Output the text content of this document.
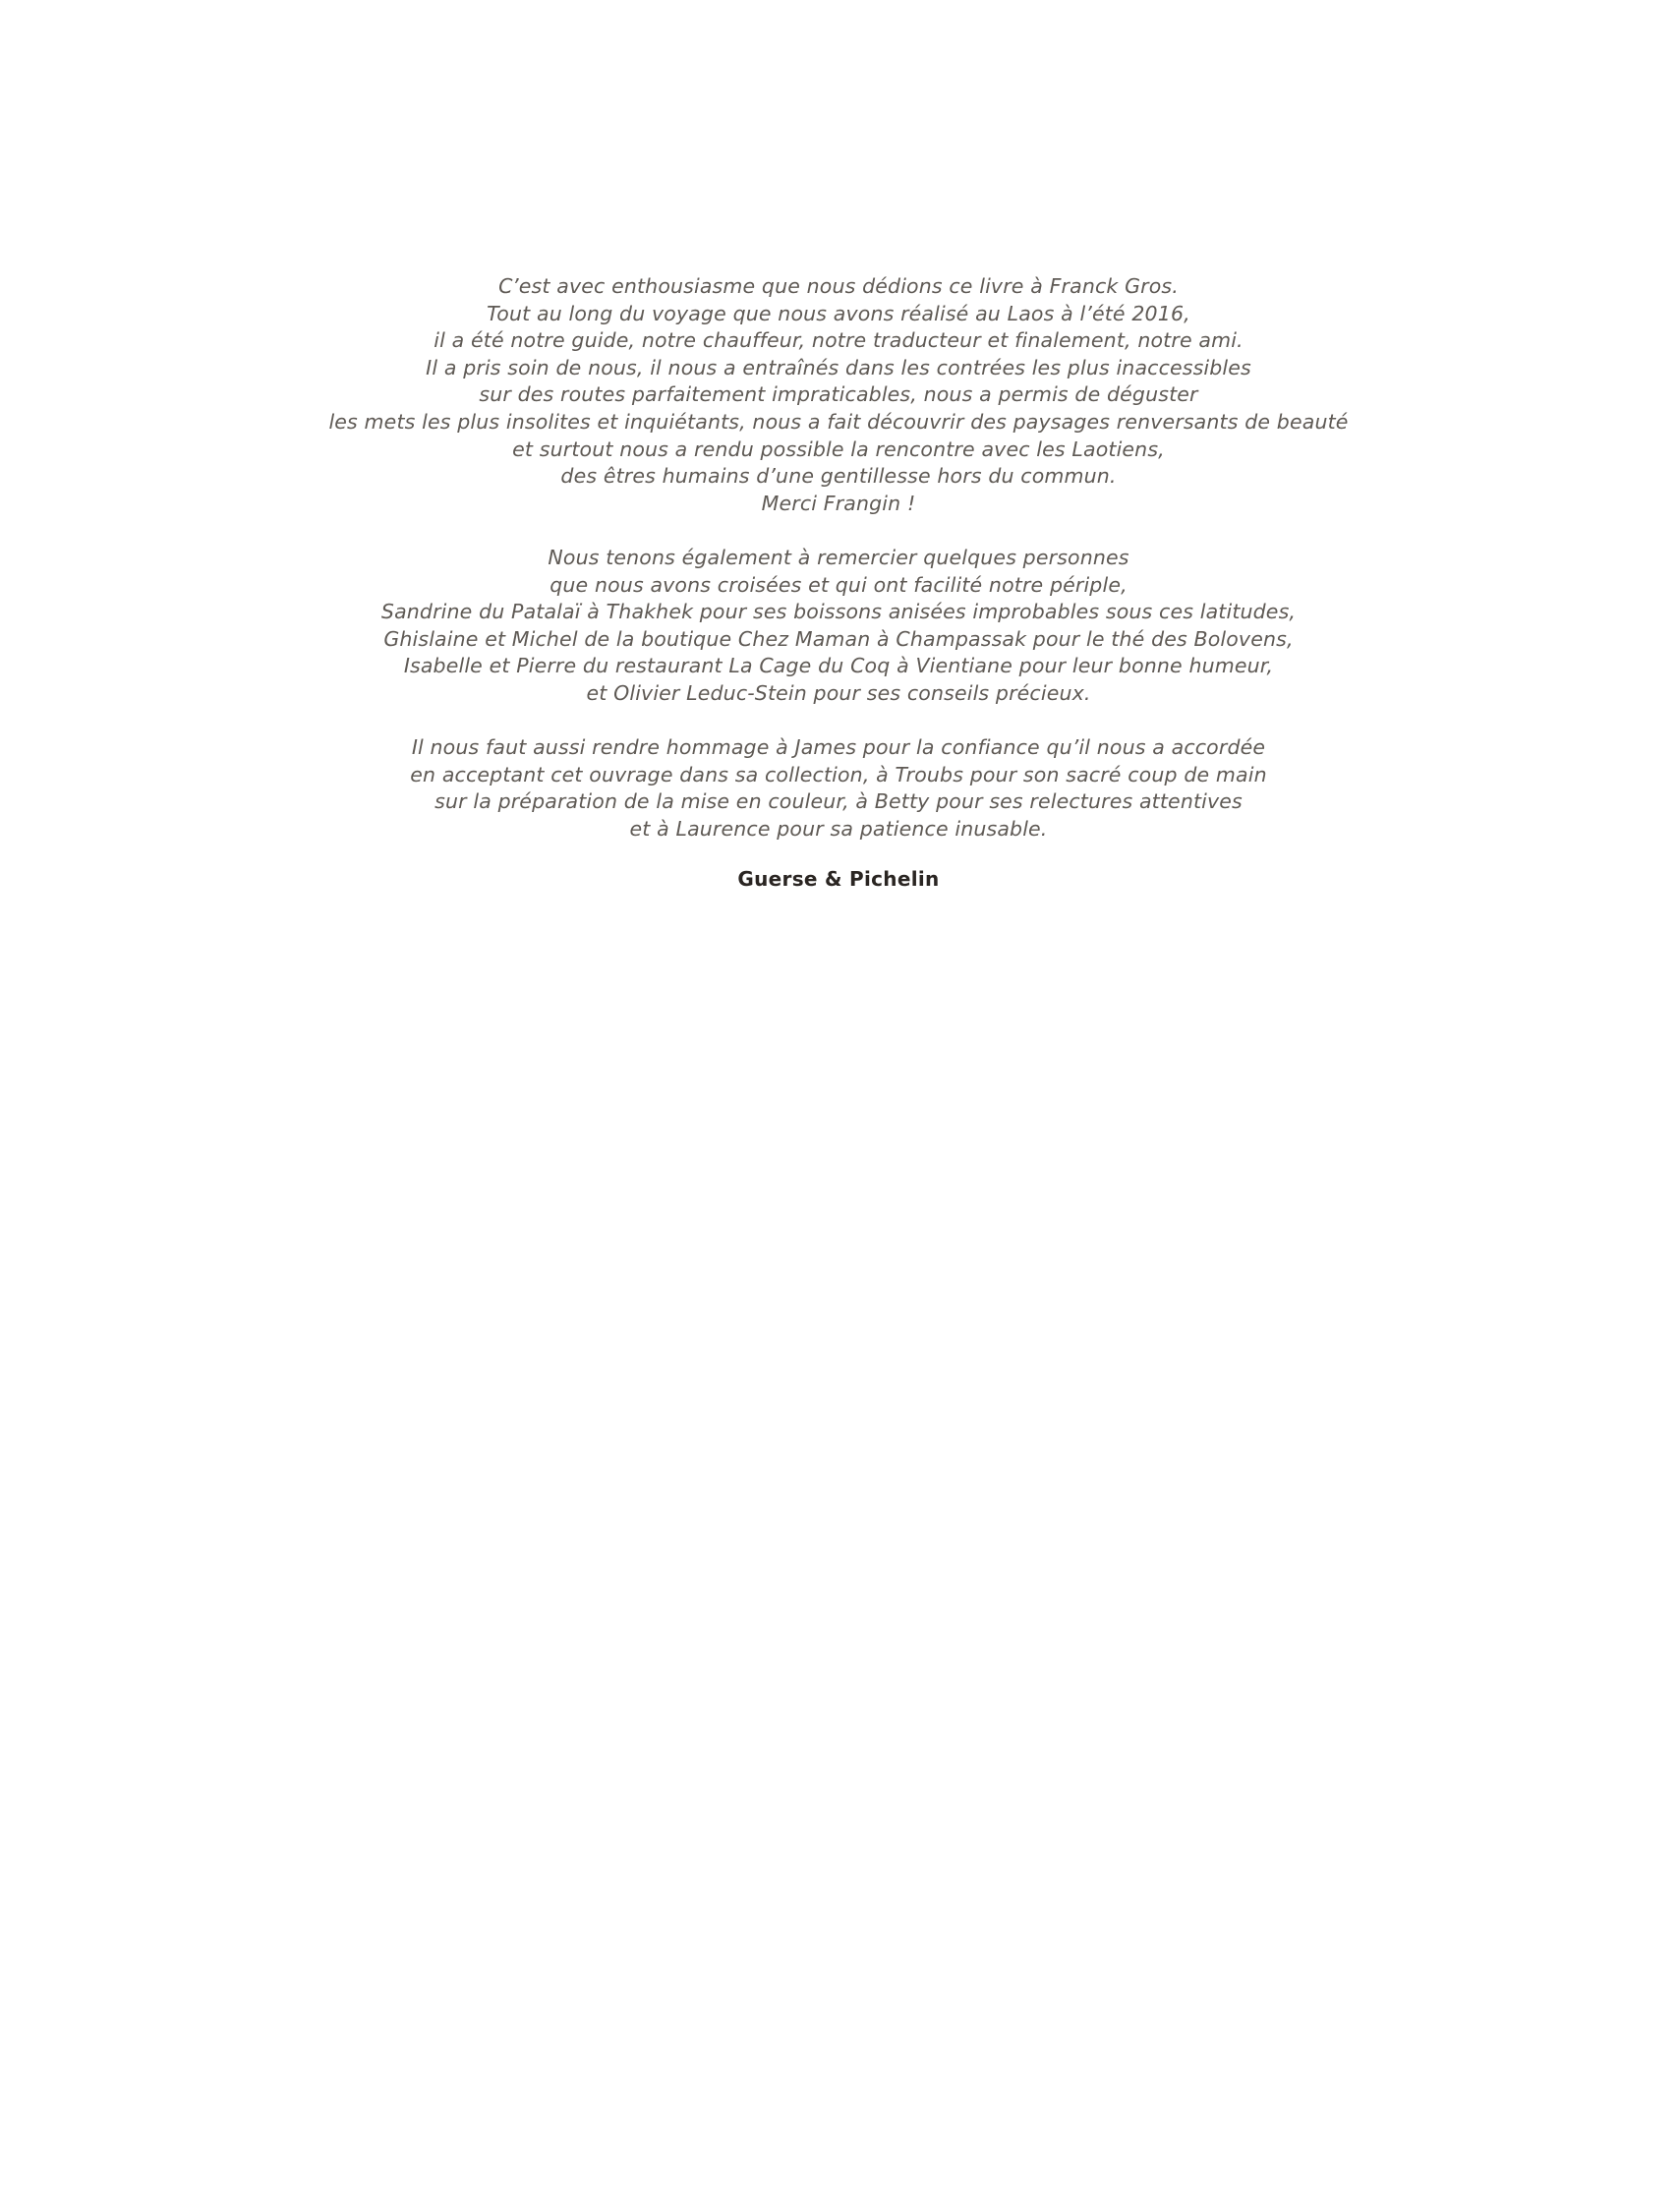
C’est avec enthousiasme que nous dédions ce livre à Franck Gros.
Tout au long du voyage que nous avons réalisé au Laos à l’été 2016,
il a été notre guide, notre chauffeur, notre traducteur et finalement, notre ami.
Il a pris soin de nous, il nous a entraînés dans les contrées les plus inaccessibles
sur des routes parfaitement impraticables, nous a permis de déguster
les mets les plus insolites et inquiétants, nous a fait découvrir des paysages renversants de beauté
et surtout nous a rendu possible la rencontre avec les Laotiens,
des êtres humains d’une gentillesse hors du commun.
Merci Frangin !

Nous tenons également à remercier quelques personnes
que nous avons croisées et qui ont facilité notre périple,
Sandrine du Patalaï à Thakhek pour ses boissons anisées improbables sous ces latitudes,
Ghislaine et Michel de la boutique Chez Maman à Champassak pour le thé des Bolovens,
Isabelle et Pierre du restaurant La Cage du Coq à Vientiane pour leur bonne humeur,
et Olivier Leduc-Stein pour ses conseils précieux.

Il nous faut aussi rendre hommage à James pour la confiance qu’il nous a accordée
en acceptant cet ouvrage dans sa collection, à Troubs pour son sacré coup de main
sur la préparation de la mise en couleur, à Betty pour ses relectures attentives
et à Laurence pour sa patience inusable.

Guerse & Pichelin
